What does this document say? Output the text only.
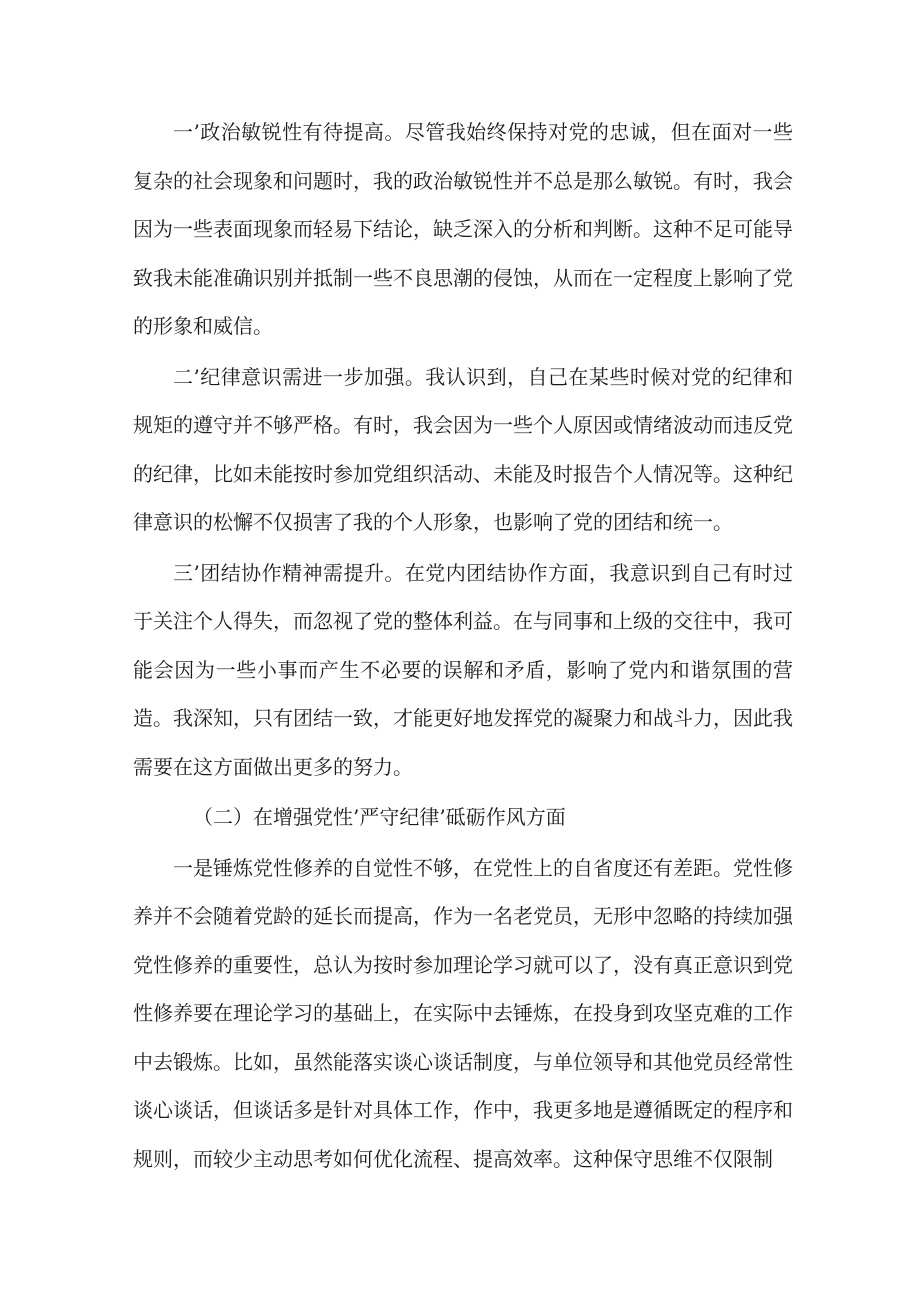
一’政治敏锐性有待提高。尽管我始终保持对党的忠诚，但在面对一些复杂的社会现象和问题时，我的政治敏锐性并不总是那么敏锐。有时，我会因为一些表面现象而轻易下结论，缺乏深入的分析和判断。这种不足可能导致我未能准确识别并抵制一些不良思潮的侵蚀，从而在一定程度上影响了党的形象和威信。

二’纪律意识需进一步加强。我认识到，自己在某些时候对党的纪律和规矩的遵守并不够严格。有时，我会因为一些个人原因或情绪波动而违反党的纪律，比如未能按时参加党组织活动、未能及时报告个人情况等。这种纪律意识的松懈不仅损害了我的个人形象，也影响了党的团结和统一。

三’团结协作精神需提升。在党内团结协作方面，我意识到自己有时过于关注个人得失，而忽视了党的整体利益。在与同事和上级的交往中，我可能会因为一些小事而产生不必要的误解和矛盾，影响了党内和谐氛围的营造。我深知，只有团结一致，才能更好地发挥党的凝聚力和战斗力，因此我需要在这方面做出更多的努力。

（二）在增强党性’严守纪律’砥砺作风方面

一是锤炼党性修养的自觉性不够，在党性上的自省度还有差距。党性修养并不会随着党龄的延长而提高，作为一名老党员，无形中忽略的持续加强党性修养的重要性，总认为按时参加理论学习就可以了，没有真正意识到党性修养要在理论学习的基础上，在实际中去锤炼，在投身到攻坚克难的工作中去锻炼。比如，虽然能落实谈心谈话制度，与单位领导和其他党员经常性谈心谈话，但谈话多是针对具体工作，作中，我更多地是遵循既定的程序和规则，而较少主动思考如何优化流程、提高效率。这种保守思维不仅限制
